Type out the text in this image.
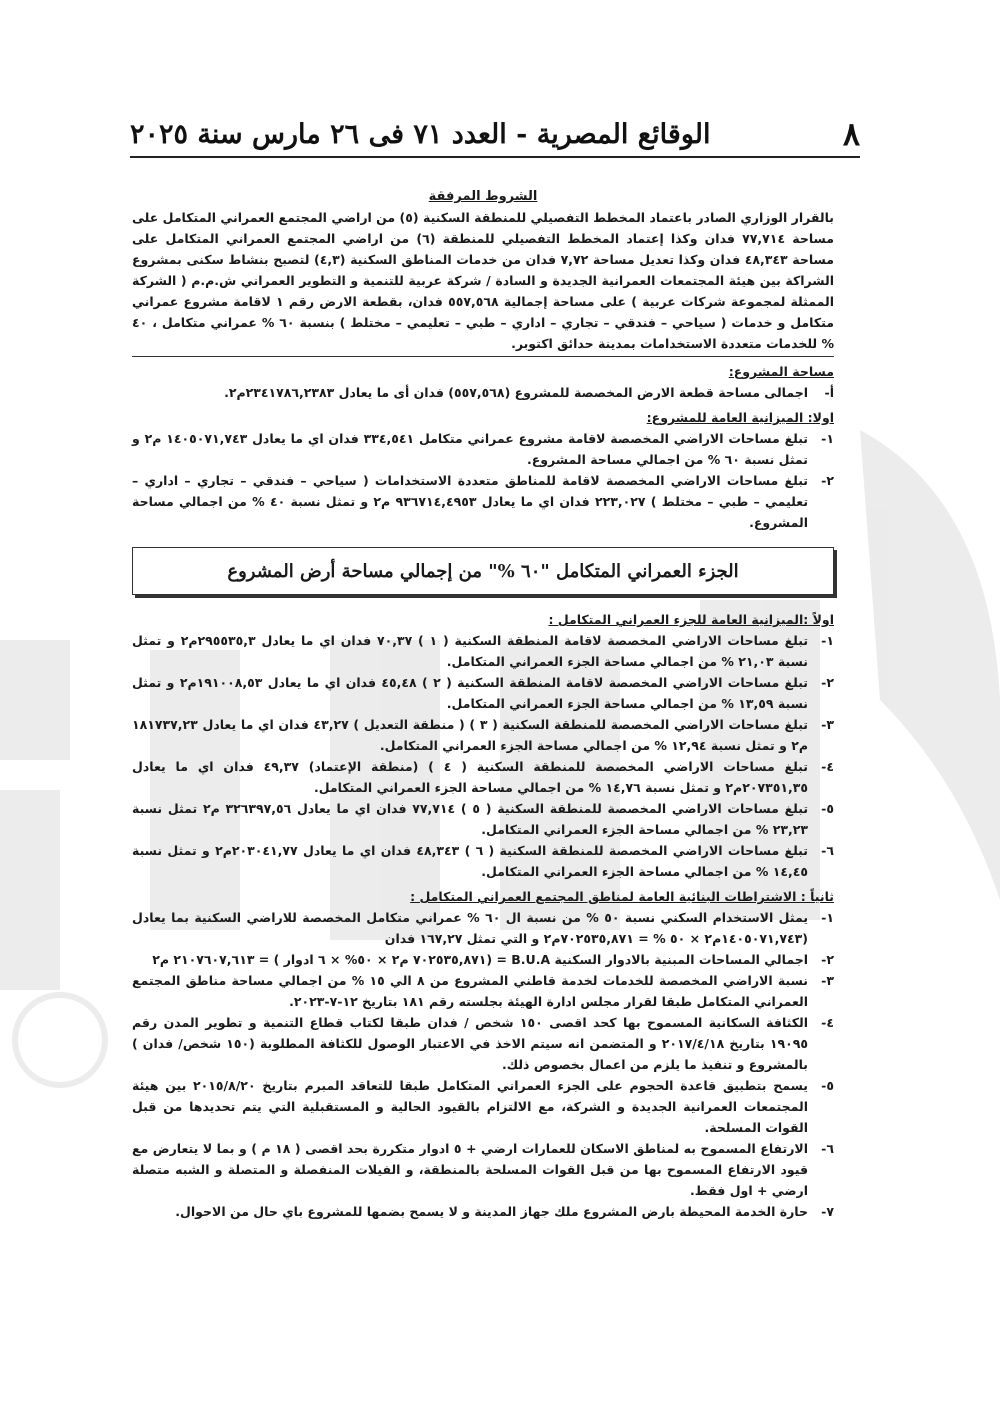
٨
الوقائع المصرية - العدد ٧١ فى ٢٦ مارس سنة ٢٠٢٥
الشروط المرفقة
بالقرار الوزاري الصادر باعتماد المخطط التفصيلي للمنطقة السكنية (٥) من اراضي المجتمع العمراني المتكامل على مساحة ٧٧,٧١٤ فدان وكذا إعتماد المخطط التفصيلي للمنطقة (٦) من اراضي المجتمع العمراني المتكامل على مساحة ٤٨,٣٤٣ فدان وكذا تعديل مساحة ٧,٧٢ فدان من خدمات المناطق السكنية (٤,٣) لتصبح بنشاط سكنى بمشروع الشراكة بين هيئة المجتمعات العمرانية الجديدة و السادة / شركة عربية للتنمية و التطوير العمراني ش.م.م ( الشركة الممثلة لمجموعة شركات عربية ) على مساحة إجمالية ٥٥٧,٥٦٨ فدان، بقطعة الارض رقم ١ لاقامة مشروع عمراني متكامل و خدمات ( سياحي – فندقي – تجاري – اداري – طبي – تعليمي – مختلط ) بنسبة ٦٠ % عمراني متكامل ، ٤٠ % للخدمات متعددة الاستخدامات بمدينة حدائق اكتوبر.
مساحة المشروع:
أ-
اجمالى مساحة قطعة الارض المخصصة للمشروع (٥٥٧,٥٦٨) فدان أى ما يعادل ٢٣٤١٧٨٦,٢٣٨٣م٢.
اولا: الميزانية العامة للمشروع:
١-
تبلغ مساحات الاراضي المخصصة لاقامة مشروع عمراني متكامل ٣٣٤,٥٤١ فدان اي ما يعادل ١٤٠٥٠٧١,٧٤٣ م٢ و تمثل نسبة ٦٠ % من اجمالي مساحة المشروع.
٢-
تبلغ مساحات الاراضي المخصصة لاقامة للمناطق متعددة الاستخدامات ( سياحي – فندقي – تجاري – اداري – تعليمي – طبي – مختلط ) ٢٢٣,٠٢٧ فدان اي ما يعادل ٩٣٦٧١٤,٤٩٥٣ م٢ و تمثل نسبة ٤٠ % من اجمالي مساحة المشروع.
الجزء العمراني المتكامل "٦٠ %" من إجمالي مساحة أرض المشروع
اولاً :الميزانية العامة للجزء العمراني المتكامل :
١-
تبلغ مساحات الاراضي المخصصة لاقامة المنطقة السكنية ( ١ ) ٧٠,٣٧ فدان اي ما يعادل ٢٩٥٥٣٥,٣م٢ و تمثل نسبة ٢١,٠٣ % من اجمالي مساحة الجزء العمراني المتكامل.
٢-
تبلغ مساحات الاراضي المخصصة لاقامة المنطقة السكنية ( ٢ ) ٤٥,٤٨ فدان اي ما يعادل ١٩١٠٠٨,٥٣م٢ و تمثل نسبة ١٣,٥٩ % من اجمالي مساحة الجزء العمراني المتكامل.
٣-
تبلغ مساحات الاراضي المخصصة للمنطقة السكنية ( ٣ ) ( منطقة التعديل ) ٤٣,٢٧ فدان اي ما يعادل ١٨١٧٣٧,٢٣ م٢ و تمثل نسبة ١٢,٩٤ % من اجمالي مساحة الجزء العمراني المتكامل.
٤-
تبلغ مساحات الاراضي المخصصة للمنطقة السكنية ( ٤ ) (منطقة الإعتماد) ٤٩,٣٧ فدان اي ما يعادل ٢٠٧٣٥١,٣٥م٢ و تمثل نسبة ١٤,٧٦ % من اجمالي مساحة الجزء العمراني المتكامل.
٥-
تبلغ مساحات الاراضي المخصصة للمنطقة السكنية ( ٥ ) ٧٧,٧١٤ فدان اي ما يعادل ٣٢٦٣٩٧,٥٦ م٢ تمثل نسبة ٢٣,٢٣ % من اجمالي مساحة الجزء العمراني المتكامل.
٦-
تبلغ مساحات الاراضي المخصصة للمنطقة السكنية ( ٦ ) ٤٨,٣٤٣ فدان اي ما يعادل ٢٠٣٠٤١,٧٧م٢ و تمثل نسبة ١٤,٤٥ % من اجمالي مساحة الجزء العمراني المتكامل.
ثانياً : الاشتراطات البنائية العامة لمناطق المجتمع العمراني المتكامل :
١-
يمثل الاستخدام السكني نسبة ٥٠ % من نسبة ال ٦٠ % عمراني متكامل المخصصة للاراضي السكنية بما يعادل (١٤٠٥٠٧١,٧٤٣م٢ × ٥٠ % = ٧٠٢٥٣٥,٨٧١م٢ و التي تمثل ١٦٧,٢٧ فدان
٢-
اجمالي المساحات المبنية بالادوار السكنية B.U.A = (٧٠٢٥٣٥,٨٧١ م٢ × ٥٠% × ٦ ادوار ) = ٢١٠٧٦٠٧,٦١٣ م٢
٣-
نسبة الاراضي المخصصة للخدمات لخدمة قاطني المشروع من ٨ الي ١٥ % من اجمالي مساحة مناطق المجتمع العمراني المتكامل طبقا لقرار مجلس ادارة الهيئة بجلسته رقم ١٨١ بتاريخ ١٢-٧-٢٠٢٣.
٤-
الكثافة السكانية المسموح بها كحد اقصى ١٥٠ شخص / فدان طبقا لكتاب قطاع التنمية و تطوير المدن رقم ١٩٠٩٥ بتاريخ ٢٠١٧/٤/١٨ و المتضمن انه سيتم الاخذ في الاعتبار الوصول للكثافة المطلوبة (١٥٠ شخص/ فدان ) بالمشروع و تنفيذ ما يلزم من اعمال بخصوص ذلك.
٥-
يسمح بتطبيق قاعدة الحجوم على الجزء العمراني المتكامل طبقا للتعاقد المبرم بتاريخ ٢٠١٥/٨/٢٠ بين هيئة المجتمعات العمرانية الجديدة و الشركة، مع الالتزام بالقيود الحالية و المستقبلية التي يتم تحديدها من قبل القوات المسلحة.
٦-
الارتفاع المسموح به لمناطق الاسكان للعمارات ارضي + ٥ ادوار متكررة بحد اقصى ( ١٨ م ) و بما لا يتعارض مع قيود الارتفاع المسموح بها من قبل القوات المسلحة بالمنطقة، و الفيلات المنفصلة و المتصلة و الشبه متصلة ارضي + اول فقط.
٧-
حارة الخدمة المحيطة بارض المشروع ملك جهاز المدينة و لا يسمح بضمها للمشروع باي حال من الاحوال.
